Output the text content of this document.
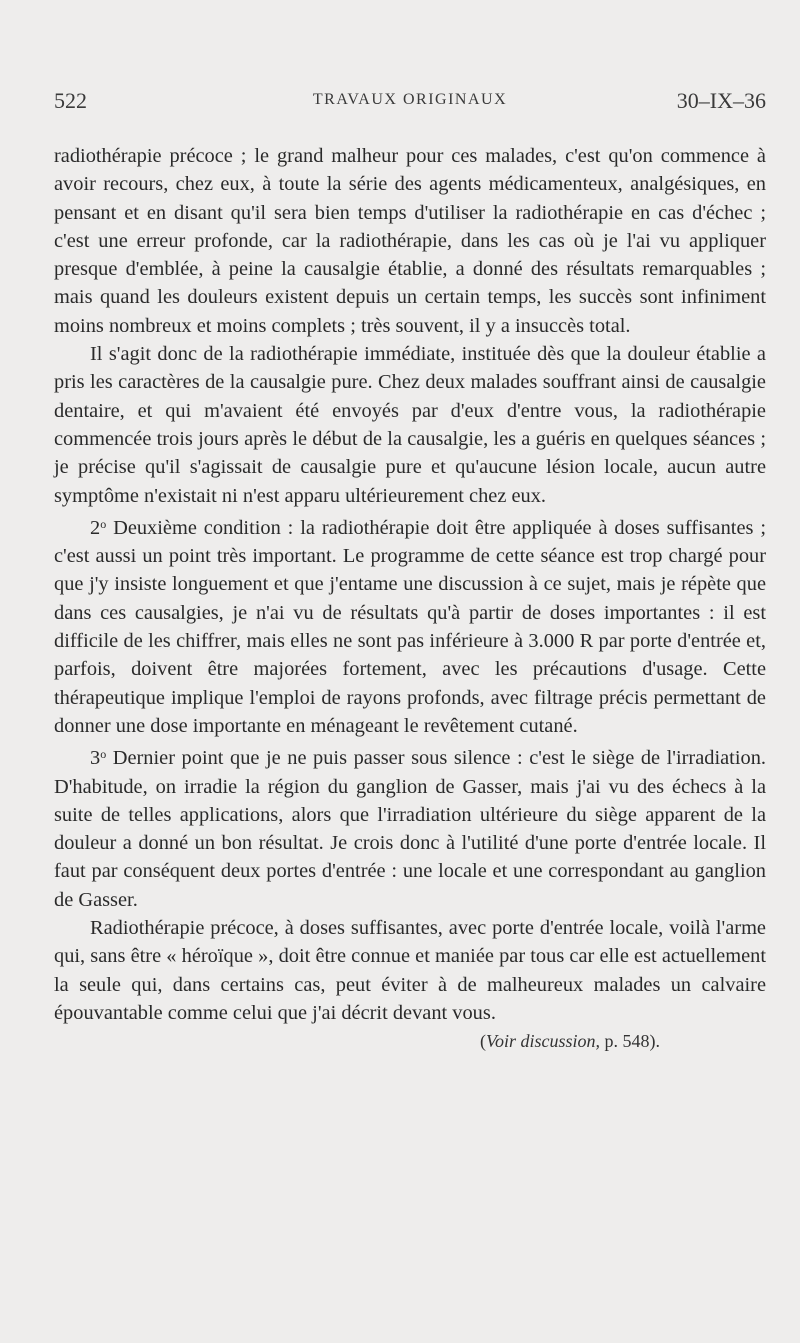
522	TRAVAUX ORIGINAUX	30–IX–36

radiothérapie précoce ; le grand malheur pour ces malades, c'est qu'on commence à avoir recours, chez eux, à toute la série des agents médicamenteux, analgésiques, en pensant et en disant qu'il sera bien temps d'utiliser la radiothérapie en cas d'échec ; c'est une erreur profonde, car la radiothérapie, dans les cas où je l'ai vu appliquer presque d'emblée, à peine la causalgie établie, a donné des résultats remarquables ; mais quand les douleurs existent depuis un certain temps, les succès sont infiniment moins nombreux et moins complets ; très souvent, il y a insuccès total.

Il s'agit donc de la radiothérapie immédiate, instituée dès que la douleur établie a pris les caractères de la causalgie pure. Chez deux malades souffrant ainsi de causalgie dentaire, et qui m'avaient été envoyés par d'eux d'entre vous, la radiothérapie commencée trois jours après le début de la causalgie, les a guéris en quelques séances ; je précise qu'il s'agissait de causalgie pure et qu'aucune lésion locale, aucun autre symptôme n'existait ni n'est apparu ultérieurement chez eux.

2$^o$ Deuxième condition : la radiothérapie doit être appliquée à doses suffisantes ; c'est aussi un point très important. Le programme de cette séance est trop chargé pour que j'y insiste longuement et que j'entame une discussion à ce sujet, mais je répète que dans ces causalgies, je n'ai vu de résultats qu'à partir de doses importantes : il est difficile de les chiffrer, mais elles ne sont pas inférieure à 3.000 R par porte d'entrée et, parfois, doivent être majorées fortement, avec les précautions d'usage. Cette thérapeutique implique l'emploi de rayons profonds, avec filtrage précis permettant de donner une dose importante en ménageant le revêtement cutané.

3$^o$ Dernier point que je ne puis passer sous silence : c'est le siège de l'irradiation. D'habitude, on irradie la région du ganglion de Gasser, mais j'ai vu des échecs à la suite de telles applications, alors que l'irradiation ultérieure du siège apparent de la douleur a donné un bon résultat. Je crois donc à l'utilité d'une porte d'entrée locale. Il faut par conséquent deux portes d'entrée : une locale et une correspondant au ganglion de Gasser.

Radiothérapie précoce, à doses suffisantes, avec porte d'entrée locale, voilà l'arme qui, sans être « héroïque », doit être connue et maniée par tous car elle est actuellement la seule qui, dans certains cas, peut éviter à de malheureux malades un calvaire épouvantable comme celui que j'ai décrit devant vous.

(Voir discussion, p. 548).
